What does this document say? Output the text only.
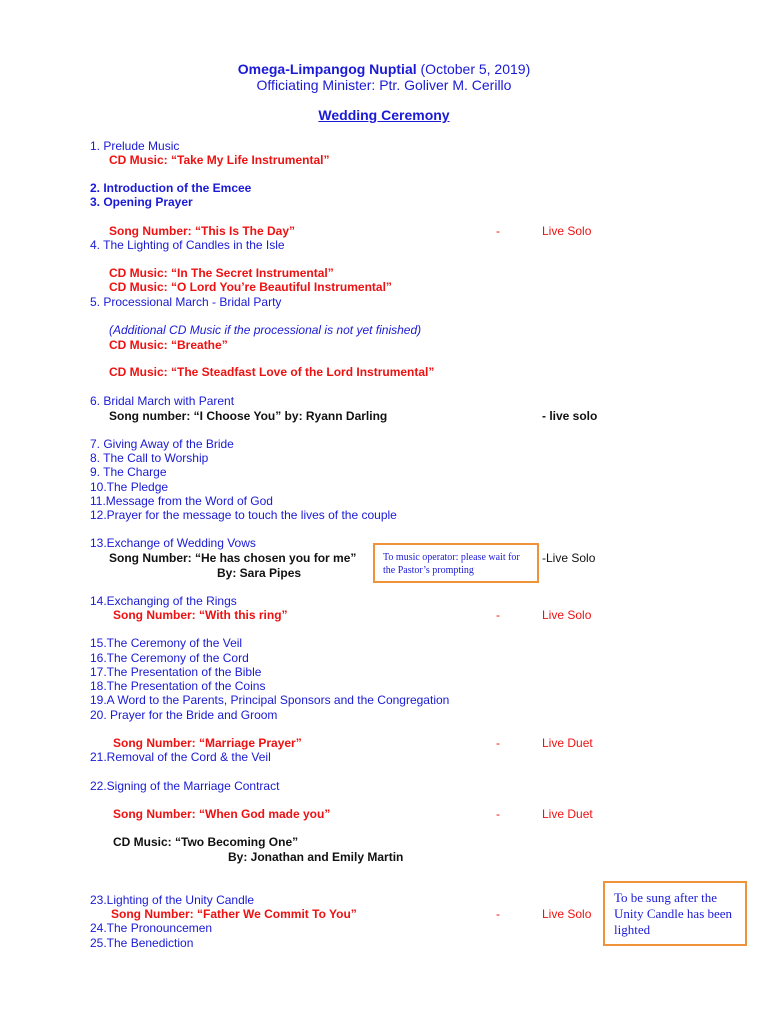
Omega-Limpangog Nuptial (October 5, 2019)
Officiating Minister: Ptr. Goliver M. Cerillo
Wedding Ceremony
1. Prelude Music
CD Music: “Take My Life Instrumental”
2. Introduction of the Emcee
3. Opening Prayer
Song Number: “This Is The Day”	-	Live Solo
4. The Lighting of Candles in the Isle
CD Music: “In The Secret Instrumental”
CD Music: “O Lord You’re Beautiful Instrumental”
5. Processional March - Bridal Party
(Additional CD Music if the processional is not yet finished)
CD Music: “Breathe”
CD Music: “The Steadfast Love of the Lord Instrumental”
6. Bridal March with Parent
Song number: “I Choose You” by: Ryann Darling	- live solo
7. Giving Away of the Bride
8. The Call to Worship
9. The Charge
10.The Pledge
11.Message from the Word of God
12.Prayer for the message to touch the lives of the couple
13.Exchange of Wedding Vows
Song Number: “He has chosen you for me”
By: Sara Pipes
-Live Solo
To music operator: please wait for the Pastor’s prompting
14.Exchanging of the Rings
Song Number: “With this ring”	-	Live Solo
15.The Ceremony of the Veil
16.The Ceremony of the Cord
17.The Presentation of the Bible
18.The Presentation of the Coins
19.A Word to the Parents, Principal Sponsors and the Congregation
20. Prayer for the Bride and Groom
Song Number: “Marriage Prayer”	-	Live Duet
21.Removal of the Cord & the Veil
22.Signing of the Marriage Contract
Song Number: “When God made you”	-	Live Duet
CD Music: “Two Becoming One”
By: Jonathan and Emily Martin
23.Lighting of the Unity Candle
Song Number: “Father We Commit To You”	-	Live Solo
24.The Pronouncemen
25.The Benediction
To be sung after the Unity Candle has been lighted
